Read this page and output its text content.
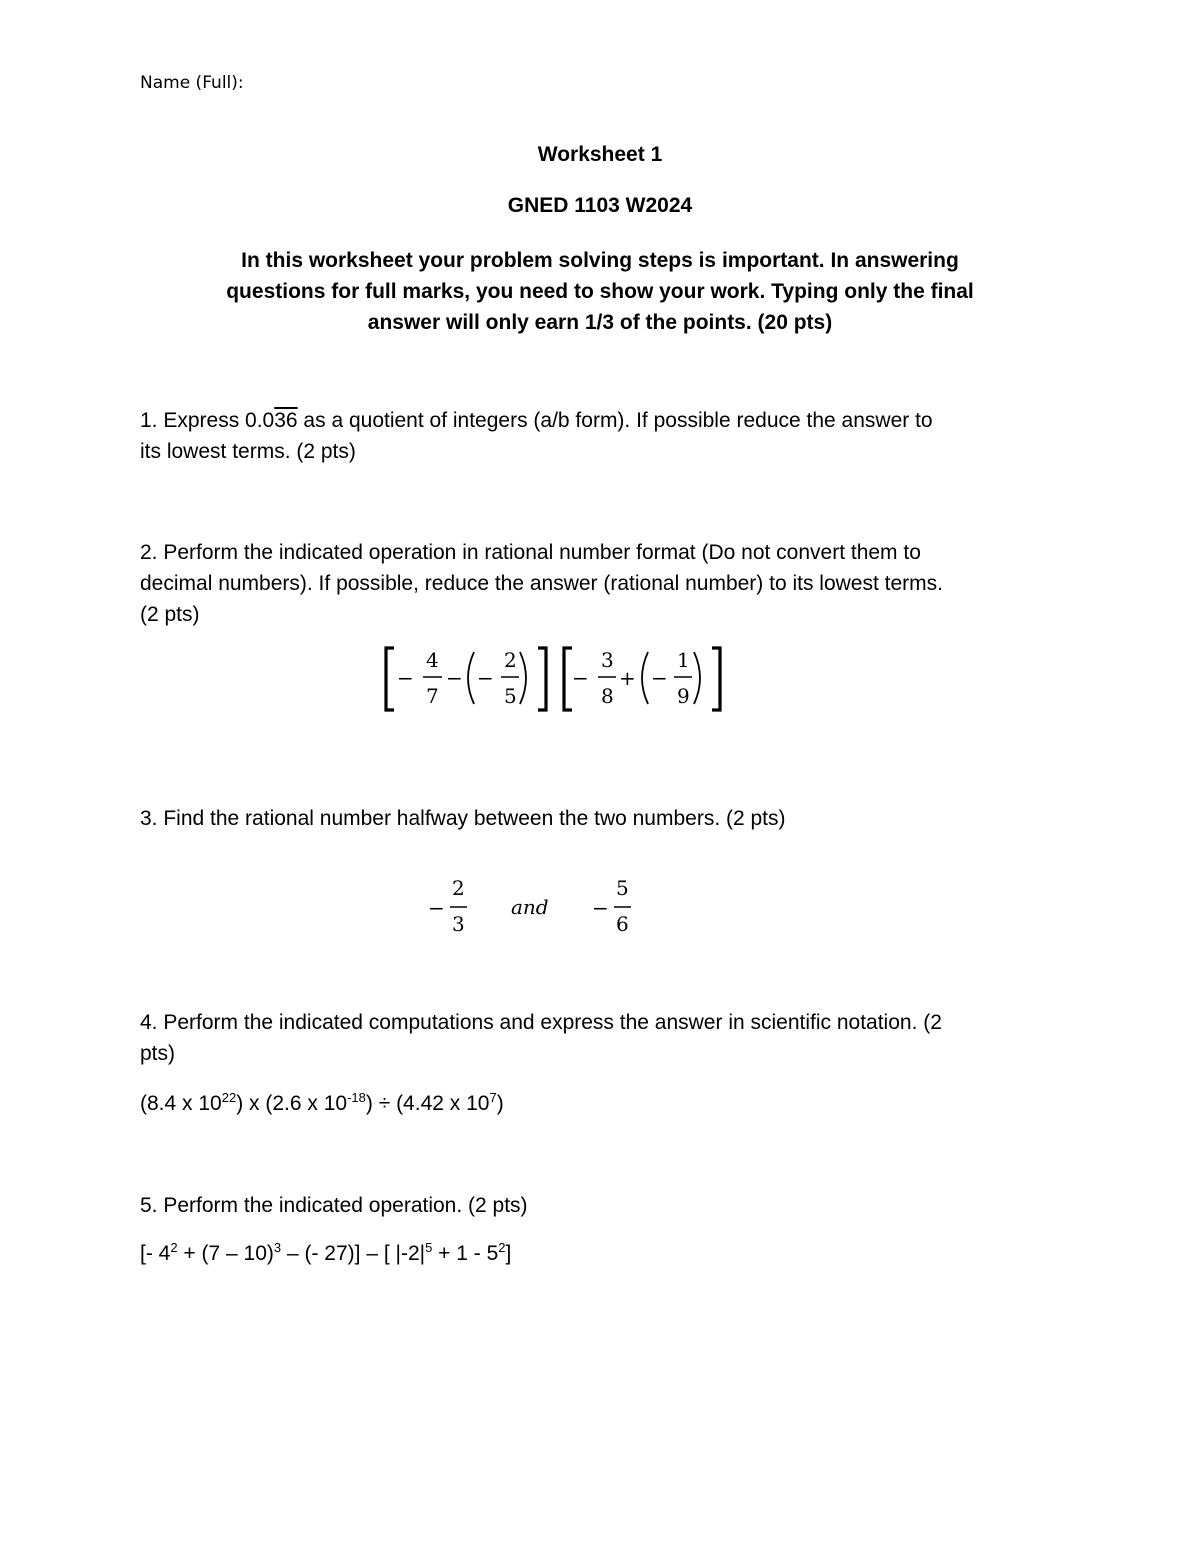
Name (Full):
Worksheet 1
GNED 1103 W2024
In this worksheet your problem solving steps is important. In answering
questions for full marks, you need to show your work. Typing only the final
answer will only earn 1/3 of the points. (20 pts)
1. Express 0.036 as a quotient of integers (a/b form). If possible reduce the answer to
its lowest terms. (2 pts)
2. Perform the indicated operation in rational number format (Do not convert them to
decimal numbers). If possible, reduce the answer (rational number) to its lowest terms.
(2 pts)
−
4
7
− −
2
5
−
3
8
+ −
1
9
3. Find the rational number halfway between the two numbers. (2 pts)
−
2
3
and −
5
6
4. Perform the indicated computations and express the answer in scientific notation. (2
pts)
(8.4 x $10^{22}$) x (2.6 x $10^{-18}) \div (4.42$ x $10^7$)
5. Perform the indicated operation. (2 pts)
[- $4^2 + (7 - 10)^3$ – (- 27)] – [ $|-2|^5 + 1 - 5^2$]
